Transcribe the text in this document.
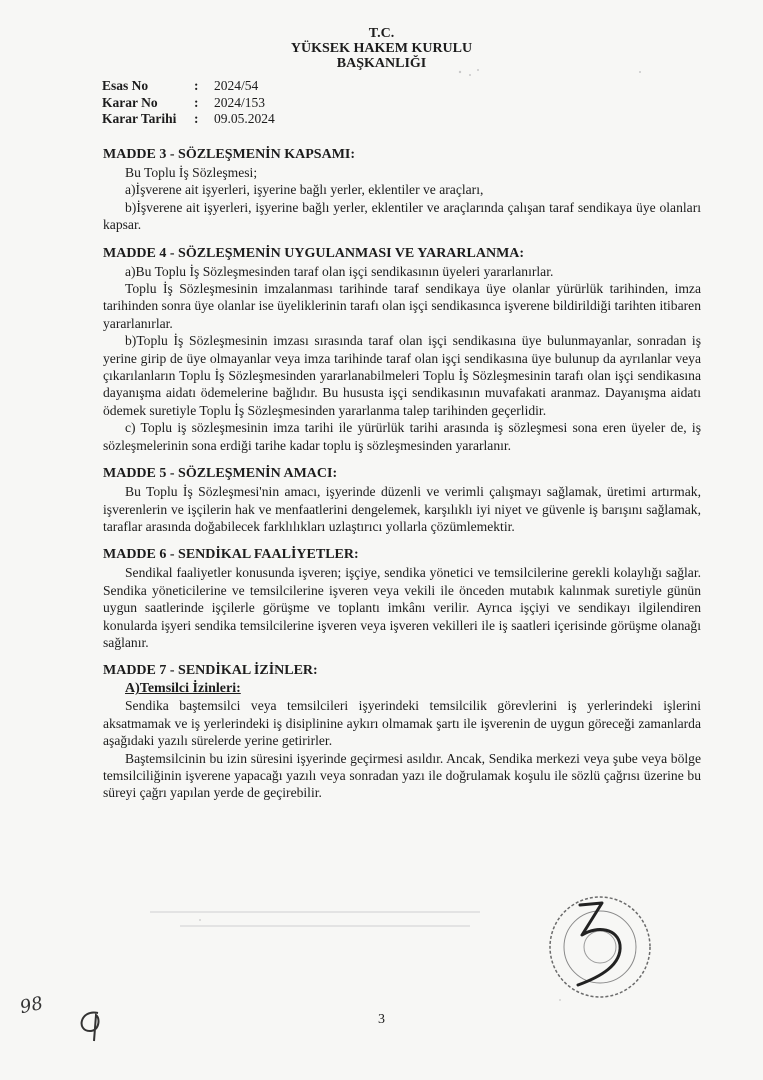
T.C.
YÜKSEK HAKEM KURULU
BAŞKANLIĞI
Esas No	:	2024/54
Karar No	:	2024/153
Karar Tarihi	:	09.05.2024
MADDE 3 - SÖZLEŞMENİN KAPSAMI:
Bu Toplu İş Sözleşmesi;
a)İşverene ait işyerleri, işyerine bağlı yerler, eklentiler ve araçları,
b)İşverene ait işyerleri, işyerine bağlı yerler, eklentiler ve araçlarında çalışan taraf sendikaya üye olanları kapsar.
MADDE 4 - SÖZLEŞMENİN UYGULANMASI VE YARARLANMA:
a)Bu Toplu İş Sözleşmesinden taraf olan işçi sendikasının üyeleri yararlanırlar.
Toplu İş Sözleşmesinin imzalanması tarihinde taraf sendikaya üye olanlar yürürlük tarihinden, imza tarihinden sonra üye olanlar ise üyeliklerinin tarafı olan işçi sendikasınca işverene bildirildiği tarihten itibaren yararlanırlar.
b)Toplu İş Sözleşmesinin imzası sırasında taraf olan işçi sendikasına üye bulunmayanlar, sonradan iş yerine girip de üye olmayanlar veya imza tarihinde taraf olan işçi sendikasına üye bulunup da ayrılanlar veya çıkarılanların Toplu İş Sözleşmesinden yararlanabilmeleri Toplu İş Sözleşmesinin tarafı olan işçi sendikasına dayanışma aidatı ödemelerine bağlıdır. Bu hususta işçi sendikasının muvafakati aranmaz. Dayanışma aidatı ödemek suretiyle Toplu İş Sözleşmesinden yararlanma talep tarihinden geçerlidir.
c) Toplu iş sözleşmesinin imza tarihi ile yürürlük tarihi arasında iş sözleşmesi sona eren üyeler de, iş sözleşmelerinin sona erdiği tarihe kadar toplu iş sözleşmesinden yararlanır.
MADDE 5 - SÖZLEŞMENİN AMACI:
Bu Toplu İş Sözleşmesi'nin amacı, işyerinde düzenli ve verimli çalışmayı sağlamak, üretimi artırmak, işverenlerin ve işçilerin hak ve menfaatlerini dengelemek, karşılıklı iyi niyet ve güvenle iş barışını sağlamak, taraflar arasında doğabilecek farklılıkları uzlaştırıcı yollarla çözümlemektir.
MADDE 6 - SENDİKAL FAALİYETLER:
Sendikal faaliyetler konusunda işveren; işçiye, sendika yönetici ve temsilcilerine gerekli kolaylığı sağlar. Sendika yöneticilerine ve temsilcilerine işveren veya vekili ile önceden mutabık kalınmak suretiyle günün uygun saatlerinde işçilerle görüşme ve toplantı imkânı verilir. Ayrıca işçiyi ve sendikayı ilgilendiren konularda işyeri sendika temsilcilerine işveren veya işveren vekilleri ile iş saatleri içerisinde görüşme olanağı sağlanır.
MADDE 7 - SENDİKAL İZİNLER:
A)Temsilci İzinleri:
Sendika baştemsilci veya temsilcileri işyerindeki temsilcilik görevlerini iş yerlerindeki işlerini aksatmamak ve iş yerlerindeki iş disiplinine aykırı olmamak şartı ile işverenin de uygun göreceği zamanlarda aşağıdaki yazılı sürelerde yerine getirirler.
Baştemsilcinin bu izin süresini işyerinde geçirmesi asıldır. Ancak, Sendika merkezi veya şube veya bölge temsilciliğinin işverene yapacağı yazılı veya sonradan yazı ile doğrulamak koşulu ile sözlü çağrısı üzerine bu süreyi çağrı yapılan yerde de geçirebilir.
98
3
